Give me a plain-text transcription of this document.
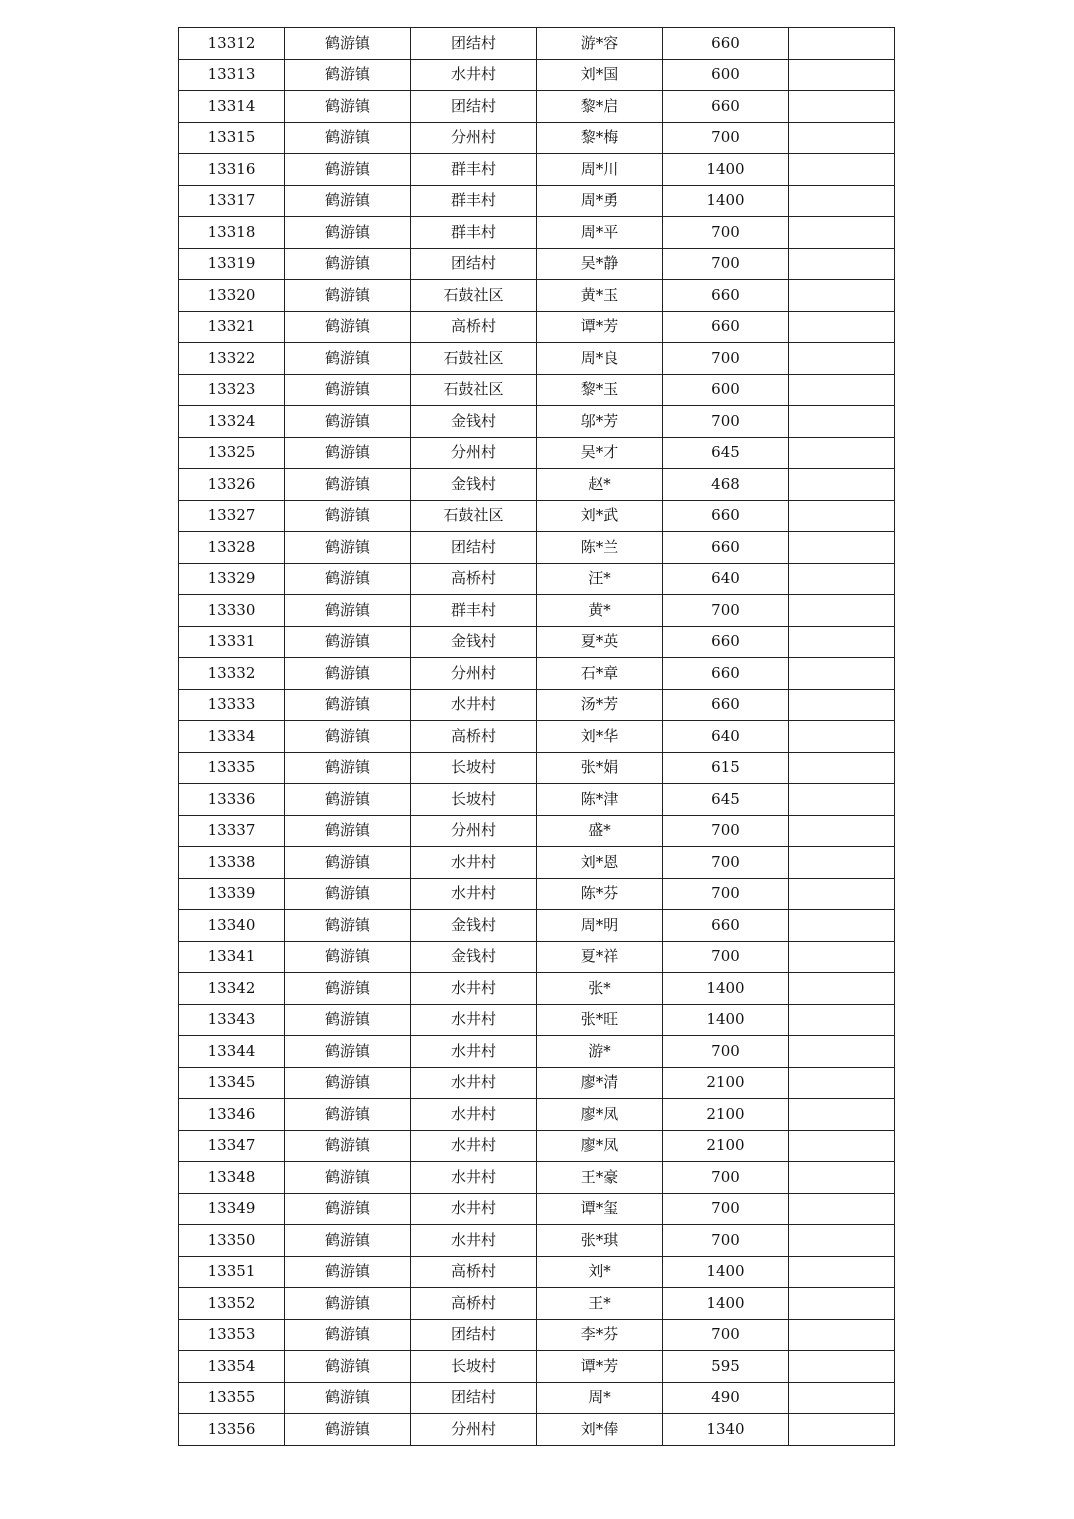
13312	鹤游镇	团结村	游*容	660	
13313	鹤游镇	水井村	刘*国	600	
13314	鹤游镇	团结村	黎*启	660	
13315	鹤游镇	分州村	黎*梅	700	
13316	鹤游镇	群丰村	周*川	1400	
13317	鹤游镇	群丰村	周*勇	1400	
13318	鹤游镇	群丰村	周*平	700	
13319	鹤游镇	团结村	吴*静	700	
13320	鹤游镇	石鼓社区	黄*玉	660	
13321	鹤游镇	高桥村	谭*芳	660	
13322	鹤游镇	石鼓社区	周*良	700	
13323	鹤游镇	石鼓社区	黎*玉	600	
13324	鹤游镇	金钱村	邬*芳	700	
13325	鹤游镇	分州村	吴*才	645	
13326	鹤游镇	金钱村	赵*	468	
13327	鹤游镇	石鼓社区	刘*武	660	
13328	鹤游镇	团结村	陈*兰	660	
13329	鹤游镇	高桥村	汪*	640	
13330	鹤游镇	群丰村	黄*	700	
13331	鹤游镇	金钱村	夏*英	660	
13332	鹤游镇	分州村	石*章	660	
13333	鹤游镇	水井村	汤*芳	660	
13334	鹤游镇	高桥村	刘*华	640	
13335	鹤游镇	长坡村	张*娟	615	
13336	鹤游镇	长坡村	陈*津	645	
13337	鹤游镇	分州村	盛*	700	
13338	鹤游镇	水井村	刘*恩	700	
13339	鹤游镇	水井村	陈*芬	700	
13340	鹤游镇	金钱村	周*明	660	
13341	鹤游镇	金钱村	夏*祥	700	
13342	鹤游镇	水井村	张*	1400	
13343	鹤游镇	水井村	张*旺	1400	
13344	鹤游镇	水井村	游*	700	
13345	鹤游镇	水井村	廖*清	2100	
13346	鹤游镇	水井村	廖*凤	2100	
13347	鹤游镇	水井村	廖*凤	2100	
13348	鹤游镇	水井村	王*豪	700	
13349	鹤游镇	水井村	谭*玺	700	
13350	鹤游镇	水井村	张*琪	700	
13351	鹤游镇	高桥村	刘*	1400	
13352	鹤游镇	高桥村	王*	1400	
13353	鹤游镇	团结村	李*芬	700	
13354	鹤游镇	长坡村	谭*芳	595	
13355	鹤游镇	团结村	周*	490	
13356	鹤游镇	分州村	刘*俸	1340	
